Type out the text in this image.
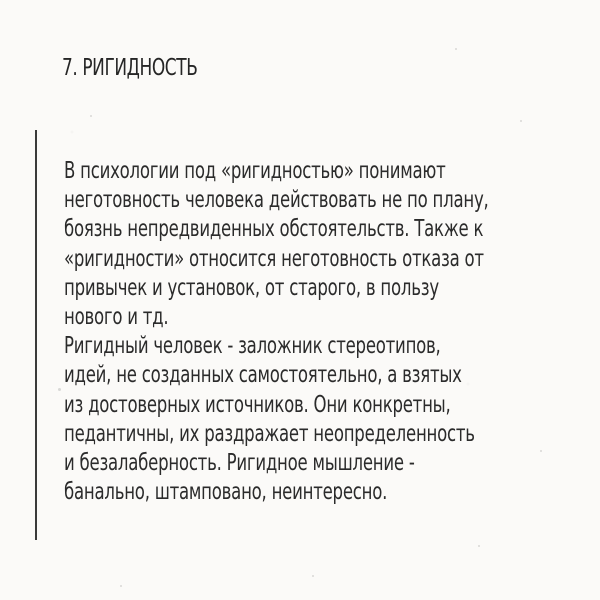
7. РИГИДНОСТЬ
В психологии под «ригидностью» понимают
неготовность человека действовать не по плану,
боязнь непредвиденных обстоятельств. Также к
«ригидности» относится неготовность отказа от
привычек и установок, от старого, в пользу
нового и тд.
Ригидный человек - заложник стереотипов,
идей, не созданных самостоятельно, а взятых
из достоверных источников. Они конкретны,
педантичны, их раздражает неопределенность
и безалаберность. Ригидное мышление -
банально, штамповано, неинтересно.
